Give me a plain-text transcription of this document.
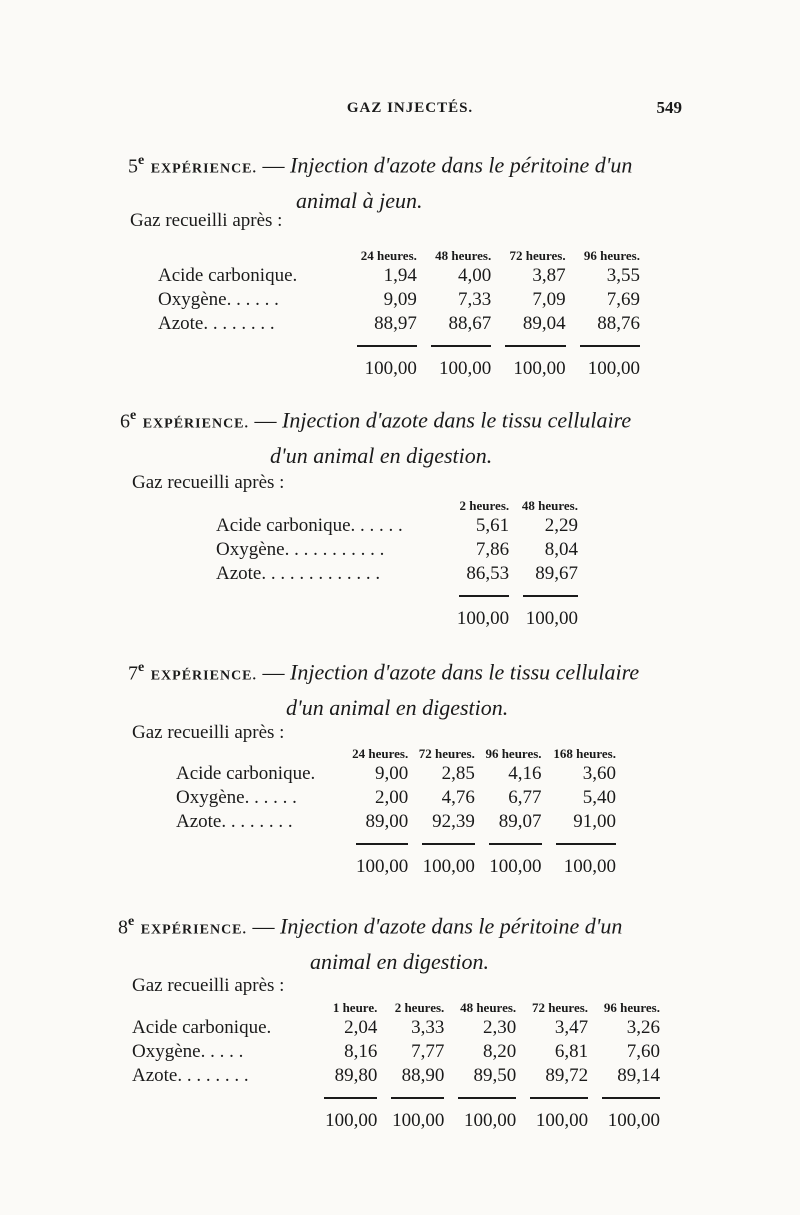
GAZ INJECTÉS.	549
5e EXPÉRIENCE. — Injection d'azote dans le péritoine d'un
animal à jeun.
Gaz recueilli après :
	24 heures.	48 heures.	72 heures.	96 heures.
Acide carbonique.	1,94	4,00	3,87	3,55
Oxygène. . . . . .	9,09	7,33	7,09	7,69
Azote. . . . . . . .	88,97	88,67	89,04	88,76

	100,00	100,00	100,00	100,00
6e EXPÉRIENCE. — Injection d'azote dans le tissu cellulaire
d'un animal en digestion.
Gaz recueilli après :
	2 heures.	48 heures.
Acide carbonique. . . . . .	5,61	2,29
Oxygène. . . . . . . . . . .	7,86	8,04
Azote. . . . . . . . . . . . .	86,53	89,67

	100,00	100,00
7e EXPÉRIENCE. — Injection d'azote dans le tissu cellulaire
d'un animal en digestion.
Gaz recueilli après :
	24 heures.	72 heures.	96 heures.	168 heures.
Acide carbonique.	9,00	2,85	4,16	3,60
Oxygène. . . . . .	2,00	4,76	6,77	5,40
Azote. . . . . . . .	89,00	92,39	89,07	91,00

	100,00	100,00	100,00	100,00
8e EXPÉRIENCE. — Injection d'azote dans le péritoine d'un
animal en digestion.
Gaz recueilli après :
	1 heure.	2 heures.	48 heures.	72 heures.	96 heures.
Acide carbonique.	2,04	3,33	2,30	3,47	3,26
Oxygène. . . . .	8,16	7,77	8,20	6,81	7,60
Azote. . . . . . . .	89,80	88,90	89,50	89,72	89,14

	100,00	100,00	100,00	100,00	100,00
